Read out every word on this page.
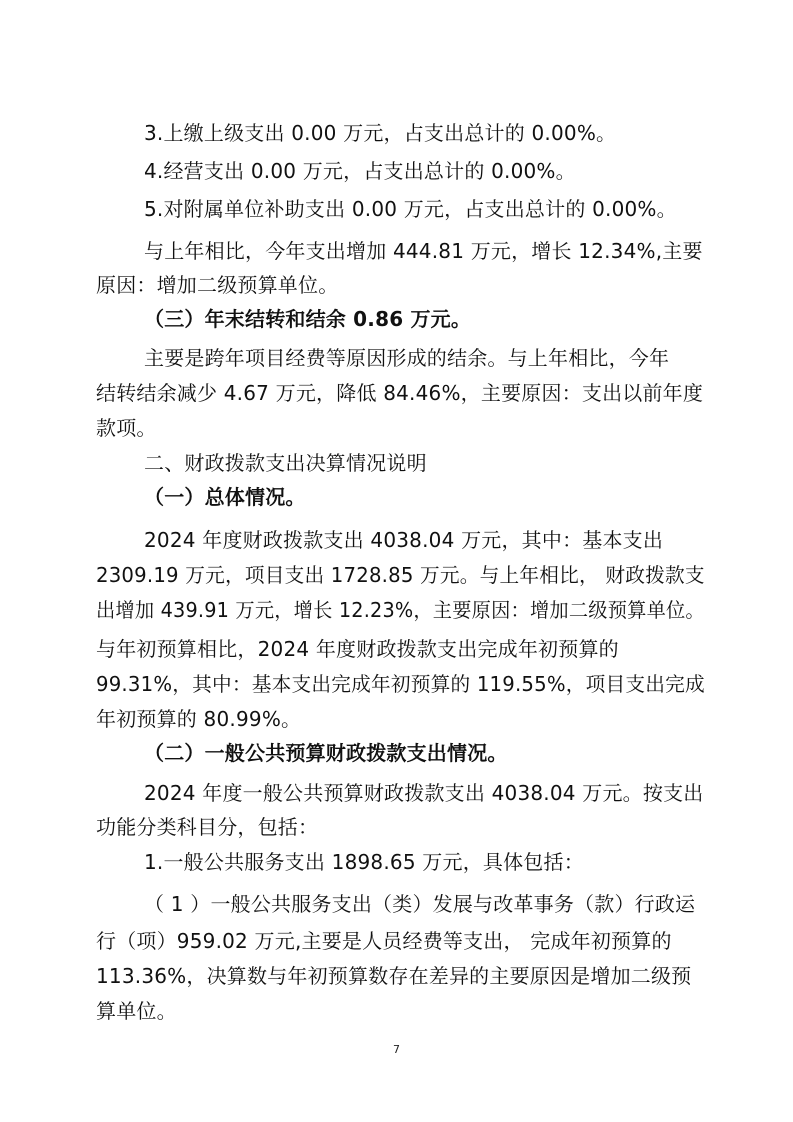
3.上缴上级支出 0.00 万元，占支出总计的 0.00%。
4.经营支出 0.00 万元，占支出总计的 0.00%。
5.对附属单位补助支出 0.00 万元，占支出总计的 0.00%。
与上年相比，今年支出增加 444.81 万元，增长 12.34%,主要
原因：增加二级预算单位。
（三）年末结转和结余 0.86 万元。
主要是跨年项目经费等原因形成的结余。与上年相比，今年
结转结余减少 4.67 万元，降低 84.46%，主要原因：支出以前年度
款项。
二、财政拨款支出决算情况说明
（一）总体情况。
2024 年度财政拨款支出 4038.04 万元，其中：基本支出
2309.19 万元，项目支出 1728.85 万元。与上年相比， 财政拨款支
出增加 439.91 万元，增长 12.23%，主要原因：增加二级预算单位。
与年初预算相比，2024 年度财政拨款支出完成年初预算的
99.31%，其中：基本支出完成年初预算的 119.55%，项目支出完成
年初预算的 80.99%。
（二）一般公共预算财政拨款支出情况。
2024 年度一般公共预算财政拨款支出 4038.04 万元。按支出
功能分类科目分，包括：
1.一般公共服务支出 1898.65 万元，具体包括：
（ 1 ）一般公共服务支出（类）发展与改革事务（款）行政运
行（项）959.02 万元,主要是人员经费等支出， 完成年初预算的
113.36%，决算数与年初预算数存在差异的主要原因是增加二级预
算单位。
7
